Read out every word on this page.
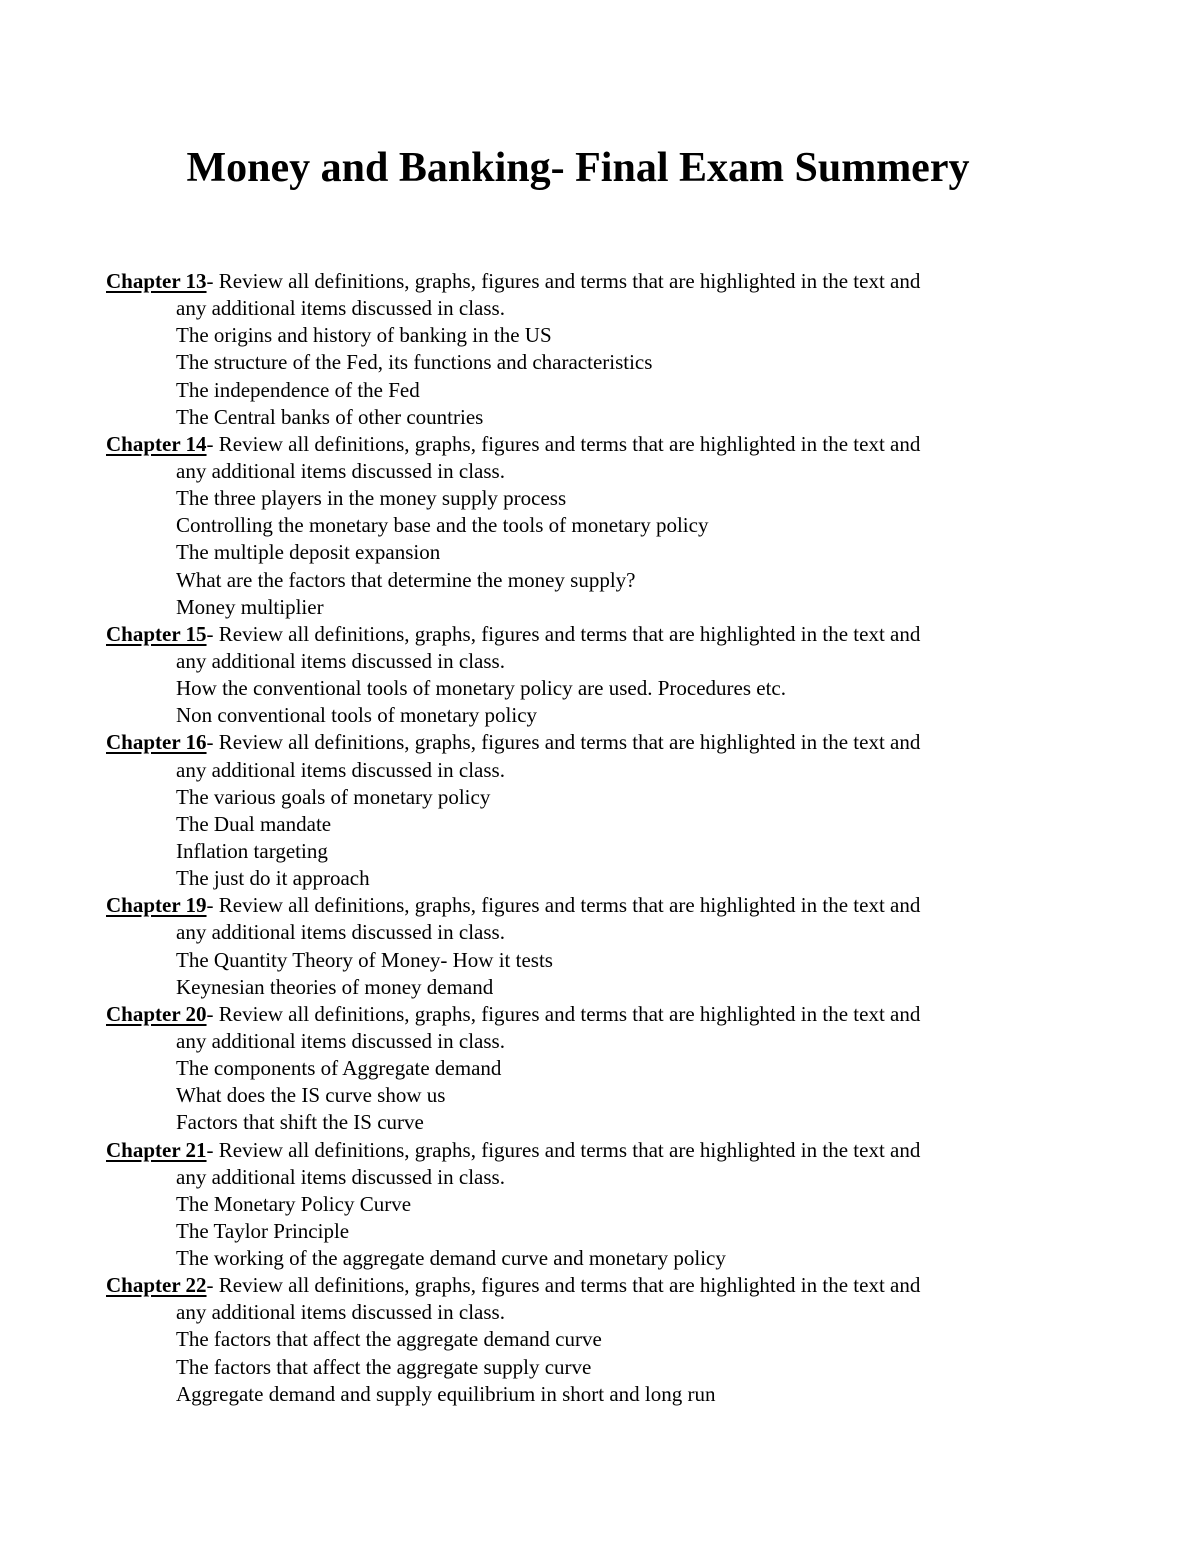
Money and Banking- Final Exam Summery
Chapter 13- Review all definitions, graphs, figures and terms that are highlighted in the text and
any additional items discussed in class.
The origins and history of banking in the US
The structure of the Fed, its functions and characteristics
The independence of the Fed
The Central banks of other countries
Chapter 14- Review all definitions, graphs, figures and terms that are highlighted in the text and
any additional items discussed in class.
The three players in the money supply process
Controlling the monetary base and the tools of monetary policy
The multiple deposit expansion
What are the factors that determine the money supply?
Money multiplier
Chapter 15- Review all definitions, graphs, figures and terms that are highlighted in the text and
any additional items discussed in class.
How the conventional tools of monetary policy are used. Procedures etc.
Non conventional tools of monetary policy
Chapter 16- Review all definitions, graphs, figures and terms that are highlighted in the text and
any additional items discussed in class.
The various goals of monetary policy
The Dual mandate
Inflation targeting
The just do it approach
Chapter 19- Review all definitions, graphs, figures and terms that are highlighted in the text and
any additional items discussed in class.
The Quantity Theory of Money- How it tests
Keynesian theories of money demand
Chapter 20- Review all definitions, graphs, figures and terms that are highlighted in the text and
any additional items discussed in class.
The components of Aggregate demand
What does the IS curve show us
Factors that shift the IS curve
Chapter 21- Review all definitions, graphs, figures and terms that are highlighted in the text and
any additional items discussed in class.
The Monetary Policy Curve
The Taylor Principle
The working of the aggregate demand curve and monetary policy
Chapter 22- Review all definitions, graphs, figures and terms that are highlighted in the text and
any additional items discussed in class.
The factors that affect the aggregate demand curve
The factors that affect the aggregate supply curve
Aggregate demand and supply equilibrium in short and long run
